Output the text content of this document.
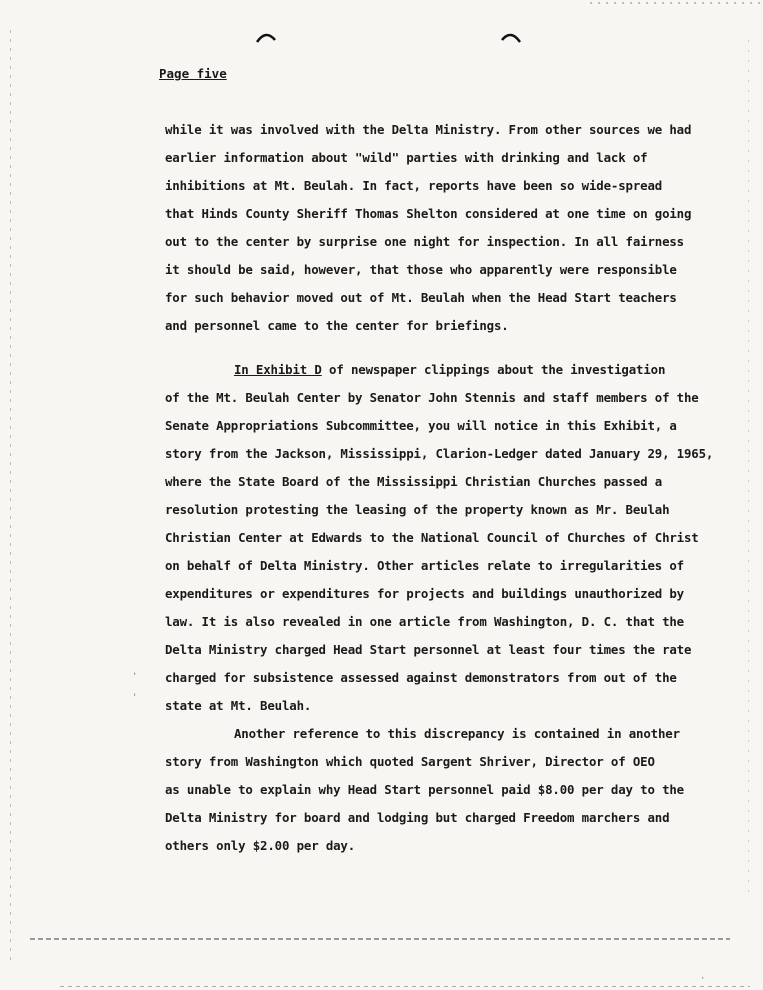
Page five
while it was involved with the Delta Ministry. From other sources we had
earlier information about "wild" parties with drinking and lack of
inhibitions at Mt. Beulah. In fact, reports have been so wide-spread
that Hinds County Sheriff Thomas Shelton considered at one time on going
out to the center by surprise one night for inspection. In all fairness
it should be said, however, that those who apparently were responsible
for such behavior moved out of Mt. Beulah when the Head Start teachers
and personnel came to the center for briefings.
In Exhibit D of newspaper clippings about the investigation
of the Mt. Beulah Center by Senator John Stennis and staff members of the
Senate Appropriations Subcommittee, you will notice in this Exhibit, a
story from the Jackson, Mississippi, Clarion-Ledger dated January 29, 1965,
where the State Board of the Mississippi Christian Churches passed a
resolution protesting the leasing of the property known as Mr. Beulah
Christian Center at Edwards to the National Council of Churches of Christ
on behalf of Delta Ministry. Other articles relate to irregularities of
expenditures or expenditures for projects and buildings unauthorized by
law. It is also revealed in one article from Washington, D. C. that the
Delta Ministry charged Head Start personnel at least four times the rate
charged for subsistence assessed against demonstrators from out of the
state at Mt. Beulah.
Another reference to this discrepancy is contained in another
story from Washington which quoted Sargent Shriver, Director of OEO
as unable to explain why Head Start personnel paid $8.00 per day to the
Delta Ministry for board and lodging but charged Freedom marchers and
others only $2.00 per day.
·
'
'
